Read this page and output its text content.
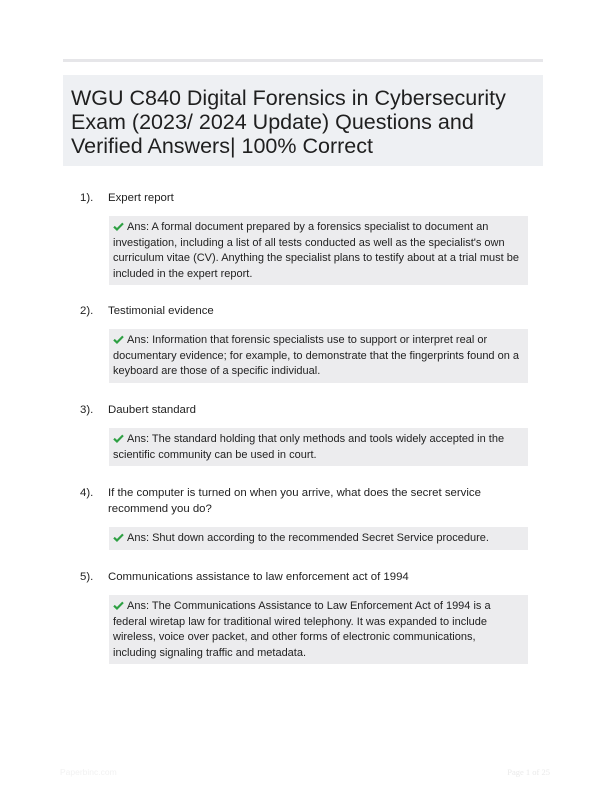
WGU C840 Digital Forensics in Cybersecurity Exam (2023/ 2024 Update) Questions and Verified Answers| 100% Correct
1).	Expert report
Ans: A formal document prepared by a forensics specialist to document an investigation, including a list of all tests conducted as well as the specialist's own curriculum vitae (CV). Anything the specialist plans to testify about at a trial must be included in the expert report.
2).	Testimonial evidence
Ans: Information that forensic specialists use to support or interpret real or documentary evidence; for example, to demonstrate that the fingerprints found on a keyboard are those of a specific individual.
3).	Daubert standard
Ans: The standard holding that only methods and tools widely accepted in the scientific community can be used in court.
4).	If the computer is turned on when you arrive, what does the secret service recommend you do?
Ans: Shut down according to the recommended Secret Service procedure.
5).	Communications assistance to law enforcement act of 1994
Ans: The Communications Assistance to Law Enforcement Act of 1994 is a federal wiretap law for traditional wired telephony. It was expanded to include wireless, voice over packet, and other forms of electronic communications, including signaling traffic and metadata.
Paperbinc.com	Page 1 of 25
